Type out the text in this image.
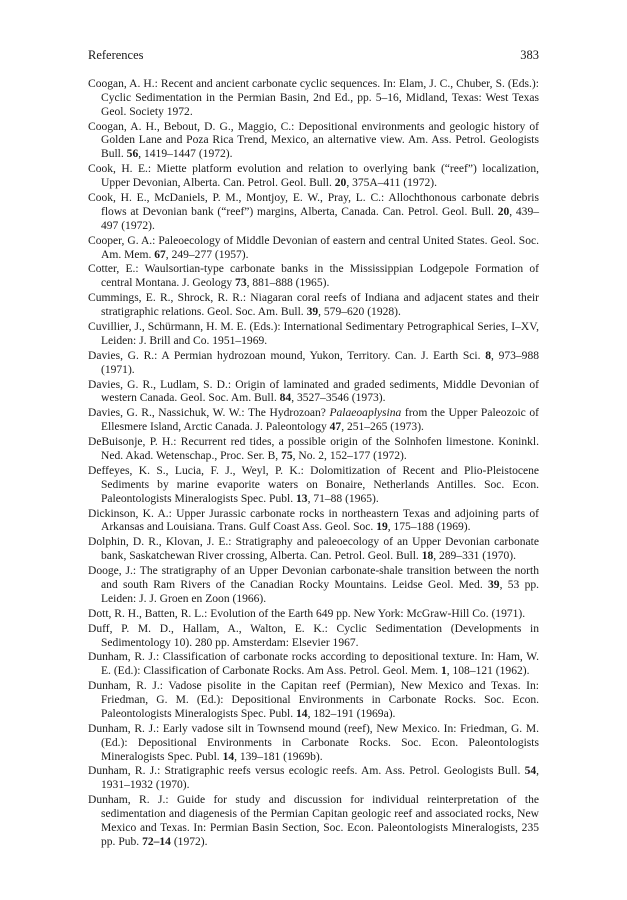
References	383
Coogan, A. H.: Recent and ancient carbonate cyclic sequences. In: Elam, J. C., Chuber, S. (Eds.): Cyclic Sedimentation in the Permian Basin, 2nd Ed., pp. 5–16, Midland, Texas: West Texas Geol. Society 1972.
Coogan, A. H., Bebout, D. G., Maggio, C.: Depositional environments and geologic history of Golden Lane and Poza Rica Trend, Mexico, an alternative view. Am. Ass. Petrol. Geologists Bull. 56, 1419–1447 (1972).
Cook, H. E.: Miette platform evolution and relation to overlying bank (“reef”) localization, Upper Devonian, Alberta. Can. Petrol. Geol. Bull. 20, 375A–411 (1972).
Cook, H. E., McDaniels, P. M., Montjoy, E. W., Pray, L. C.: Allochthonous carbonate debris flows at Devonian bank (“reef”) margins, Alberta, Canada. Can. Petrol. Geol. Bull. 20, 439–497 (1972).
Cooper, G. A.: Paleoecology of Middle Devonian of eastern and central United States. Geol. Soc. Am. Mem. 67, 249–277 (1957).
Cotter, E.: Waulsortian-type carbonate banks in the Mississippian Lodgepole Formation of central Montana. J. Geology 73, 881–888 (1965).
Cummings, E. R., Shrock, R. R.: Niagaran coral reefs of Indiana and adjacent states and their stratigraphic relations. Geol. Soc. Am. Bull. 39, 579–620 (1928).
Cuvillier, J., Schürmann, H. M. E. (Eds.): International Sedimentary Petrographical Series, I–XV, Leiden: J. Brill and Co. 1951–1969.
Davies, G. R.: A Permian hydrozoan mound, Yukon, Territory. Can. J. Earth Sci. 8, 973–988 (1971).
Davies, G. R., Ludlam, S. D.: Origin of laminated and graded sediments, Middle Devonian of western Canada. Geol. Soc. Am. Bull. 84, 3527–3546 (1973).
Davies, G. R., Nassichuk, W. W.: The Hydrozoan? Palaeoaplysina from the Upper Paleozoic of Ellesmere Island, Arctic Canada. J. Paleontology 47, 251–265 (1973).
DeBuisonje, P. H.: Recurrent red tides, a possible origin of the Solnhofen limestone. Koninkl. Ned. Akad. Wetenschap., Proc. Ser. B, 75, No. 2, 152–177 (1972).
Deffeyes, K. S., Lucia, F. J., Weyl, P. K.: Dolomitization of Recent and Plio-Pleistocene Sediments by marine evaporite waters on Bonaire, Netherlands Antilles. Soc. Econ. Paleontologists Mineralogists Spec. Publ. 13, 71–88 (1965).
Dickinson, K. A.: Upper Jurassic carbonate rocks in northeastern Texas and adjoining parts of Arkansas and Louisiana. Trans. Gulf Coast Ass. Geol. Soc. 19, 175–188 (1969).
Dolphin, D. R., Klovan, J. E.: Stratigraphy and paleoecology of an Upper Devonian carbonate bank, Saskatchewan River crossing, Alberta. Can. Petrol. Geol. Bull. 18, 289–331 (1970).
Dooge, J.: The stratigraphy of an Upper Devonian carbonate-shale transition between the north and south Ram Rivers of the Canadian Rocky Mountains. Leidse Geol. Med. 39, 53 pp. Leiden: J. J. Groen en Zoon (1966).
Dott, R. H., Batten, R. L.: Evolution of the Earth 649 pp. New York: McGraw-Hill Co. (1971).
Duff, P. M. D., Hallam, A., Walton, E. K.: Cyclic Sedimentation (Developments in Sedimentology 10). 280 pp. Amsterdam: Elsevier 1967.
Dunham, R. J.: Classification of carbonate rocks according to depositional texture. In: Ham, W. E. (Ed.): Classification of Carbonate Rocks. Am Ass. Petrol. Geol. Mem. 1, 108–121 (1962).
Dunham, R. J.: Vadose pisolite in the Capitan reef (Permian), New Mexico and Texas. In: Friedman, G. M. (Ed.): Depositional Environments in Carbonate Rocks. Soc. Econ. Paleontologists Mineralogists Spec. Publ. 14, 182–191 (1969a).
Dunham, R. J.: Early vadose silt in Townsend mound (reef), New Mexico. In: Friedman, G. M. (Ed.): Depositional Environments in Carbonate Rocks. Soc. Econ. Paleontologists Mineralogists Spec. Publ. 14, 139–181 (1969b).
Dunham, R. J.: Stratigraphic reefs versus ecologic reefs. Am. Ass. Petrol. Geologists Bull. 54, 1931–1932 (1970).
Dunham, R. J.: Guide for study and discussion for individual reinterpretation of the sedimentation and diagenesis of the Permian Capitan geologic reef and associated rocks, New Mexico and Texas. In: Permian Basin Section, Soc. Econ. Paleontologists Mineralogists, 235 pp. Pub. 72–14 (1972).
